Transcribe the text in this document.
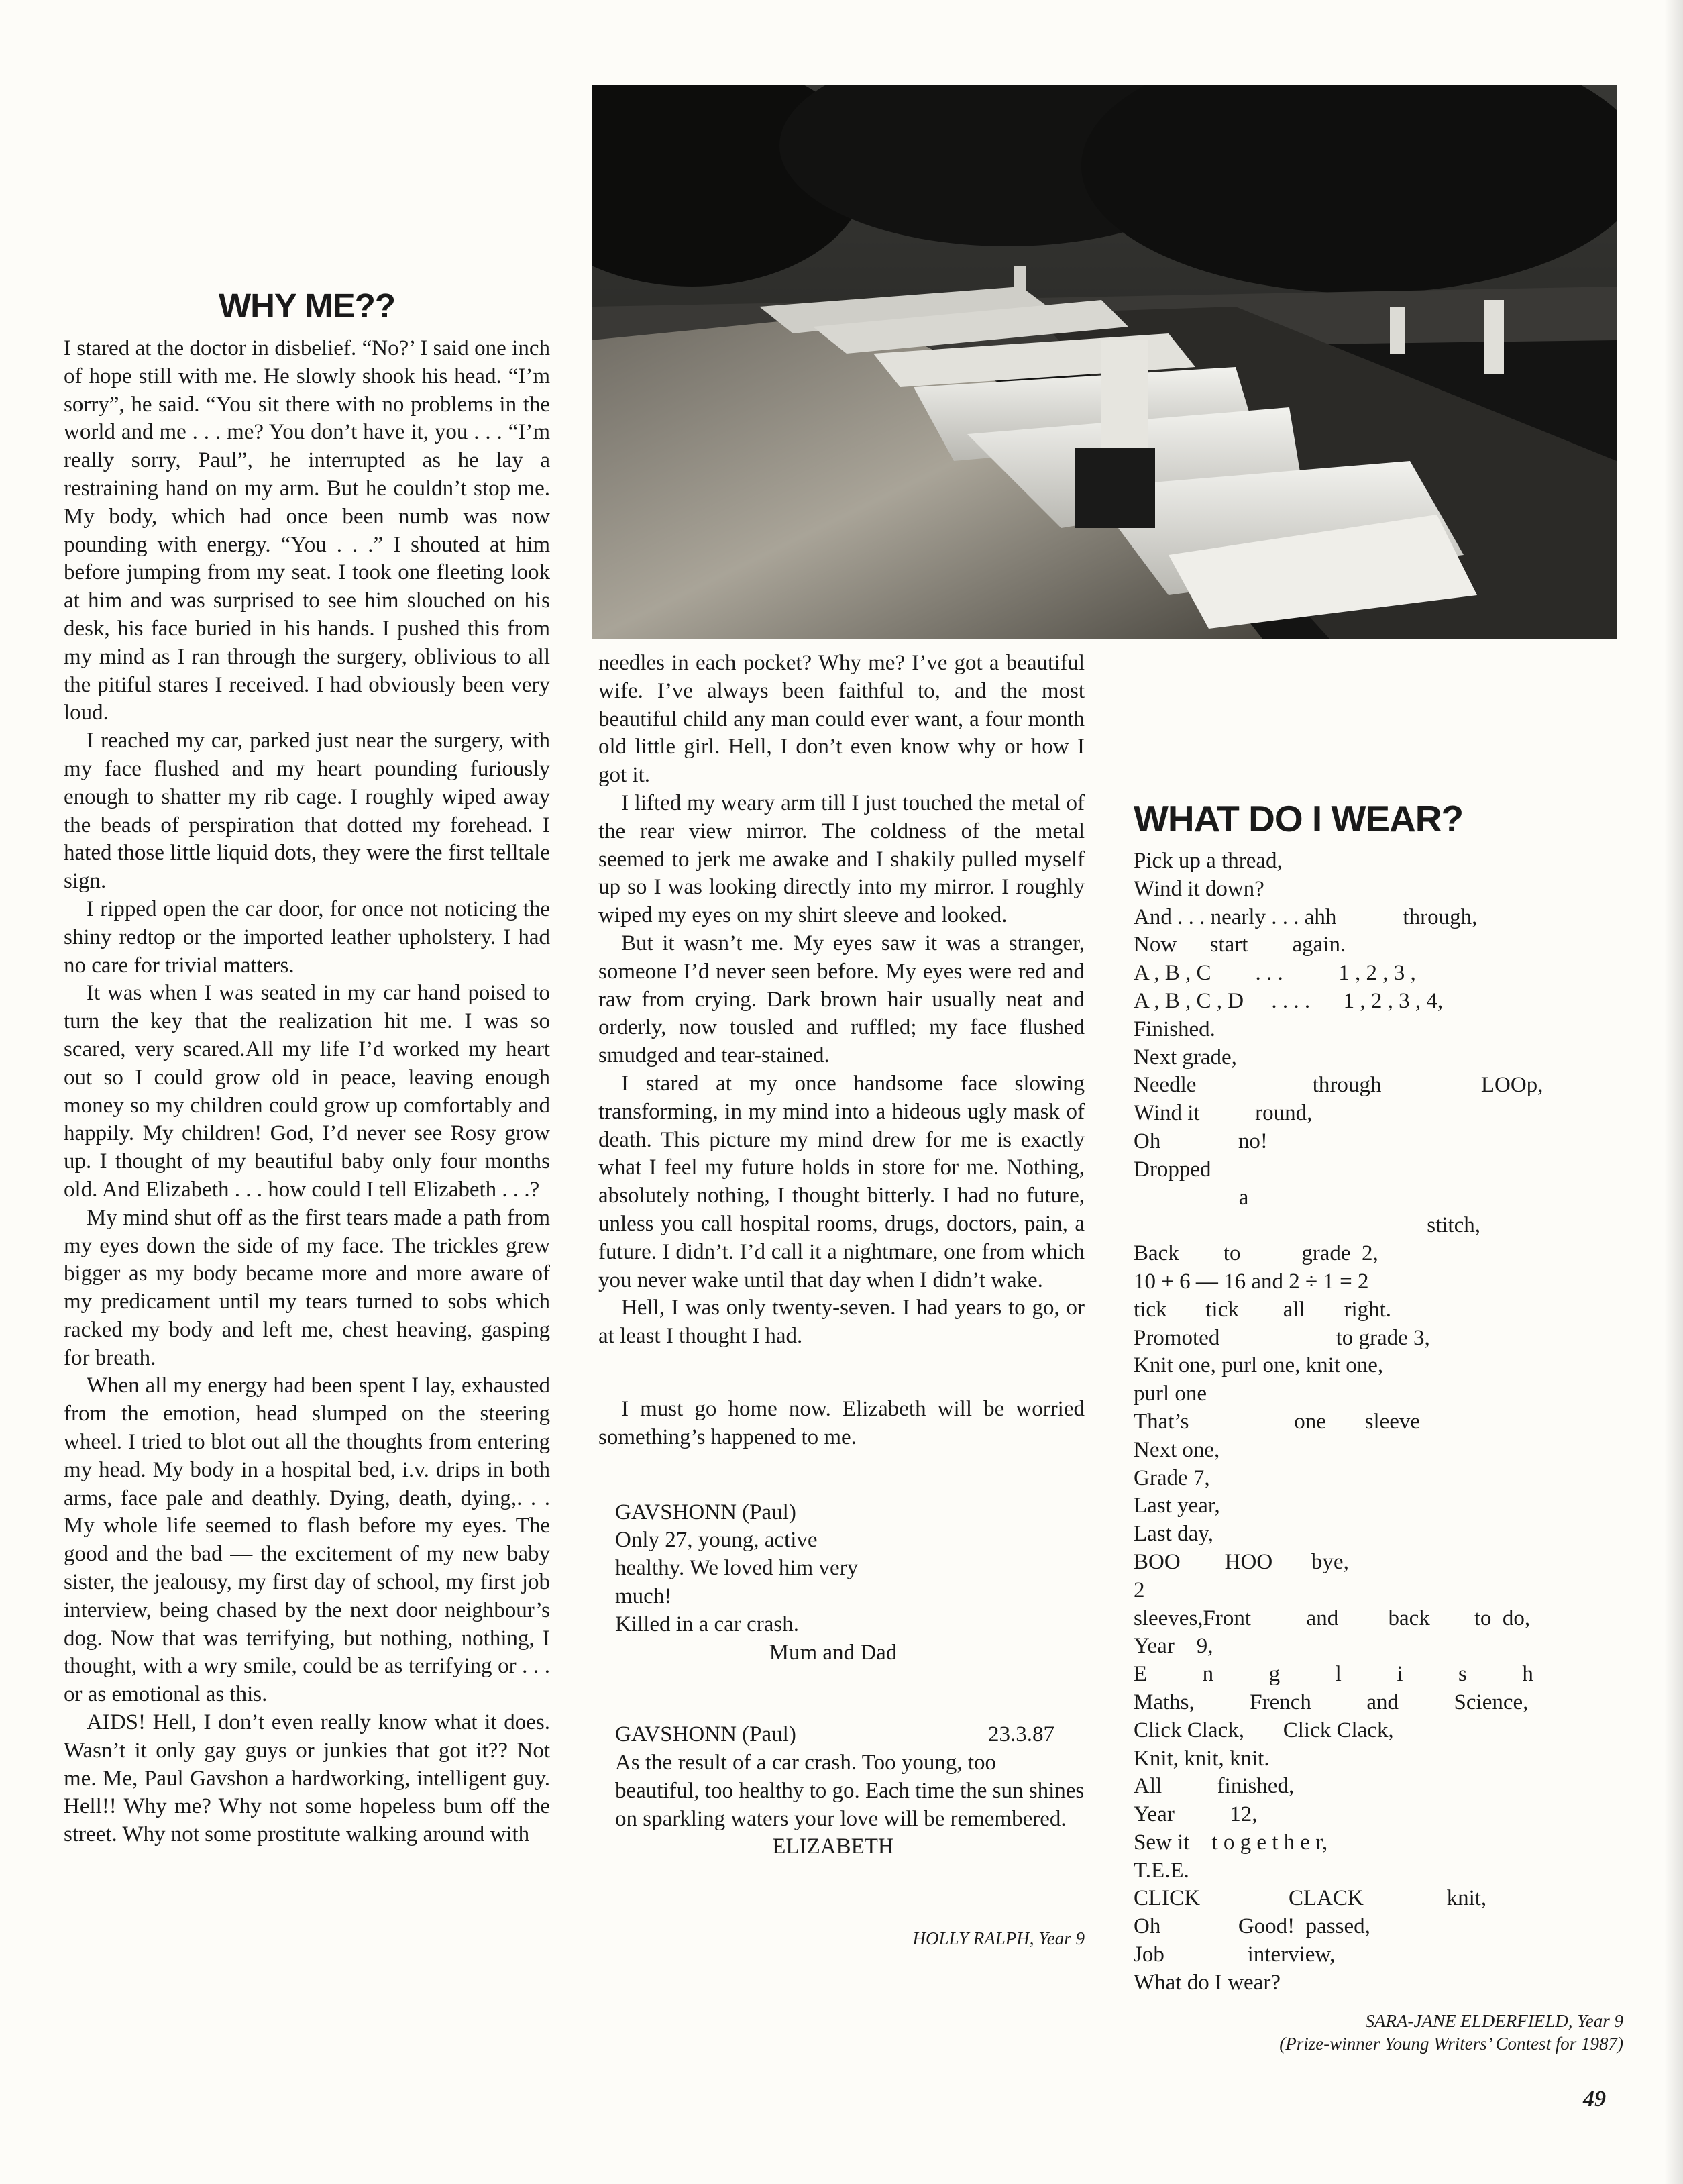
WHY ME??

I stared at the doctor in disbelief. “No?’ I said one inch of hope still with me. He slowly shook his head. “I’m sorry”, he said. “You sit there with no problems in the world and me . . . me? You don’t have it, you . . . “I’m really sorry, Paul”, he interrupted as he lay a restraining hand on my arm. But he couldn’t stop me. My body, which had once been numb was now pounding with energy. “You . . .” I shouted at him before jumping from my seat. I took one fleeting look at him and was surprised to see him slouched on his desk, his face buried in his hands. I pushed this from my mind as I ran through the surgery, oblivious to all the pitiful stares I received. I had obviously been very loud.

I reached my car, parked just near the surgery, with my face flushed and my heart pounding furiously enough to shatter my rib cage. I roughly wiped away the beads of perspiration that dotted my forehead. I hated those little liquid dots, they were the first telltale sign.

I ripped open the car door, for once not noticing the shiny redtop or the imported leather upholstery. I had no care for trivial matters.

It was when I was seated in my car hand poised to turn the key that the realization hit me. I was so scared, very scared.All my life I’d worked my heart out so I could grow old in peace, leaving enough money so my children could grow up comfortably and happily. My children! God, I’d never see Rosy grow up. I thought of my beautiful baby only four months old. And Elizabeth . . . how could I tell Elizabeth . . .?

My mind shut off as the first tears made a path from my eyes down the side of my face. The trickles grew bigger as my body became more and more aware of my predicament until my tears turned to sobs which racked my body and left me, chest heaving, gasping for breath.

When all my energy had been spent I lay, exhausted from the emotion, head slumped on the steering wheel. I tried to blot out all the thoughts from entering my head. My body in a hospital bed, i.v. drips in both arms, face pale and deathly. Dying, death, dying,. . . My whole life seemed to flash before my eyes. The good and the bad — the excitement of my new baby sister, the jealousy, my first day of school, my first job interview, being chased by the next door neighbour’s dog. Now that was terrifying, but nothing, nothing, I thought, with a wry smile, could be as terrifying or . . . or as emotional as this.

AIDS! Hell, I don’t even really know what it does. Wasn’t it only gay guys or junkies that got it?? Not me. Me, Paul Gavshon a hardworking, intelligent guy. Hell!! Why me? Why not some hopeless bum off the street. Why not some prostitute walking around with

needles in each pocket? Why me? I’ve got a beautiful wife. I’ve always been faithful to, and the most beautiful child any man could ever want, a four month old little girl. Hell, I don’t even know why or how I got it.

I lifted my weary arm till I just touched the metal of the rear view mirror. The coldness of the metal seemed to jerk me awake and I shakily pulled myself up so I was looking directly into my mirror. I roughly wiped my eyes on my shirt sleeve and looked.

But it wasn’t me. My eyes saw it was a stranger, someone I’d never seen before. My eyes were red and raw from crying. Dark brown hair usually neat and orderly, now tousled and ruffled; my face flushed smudged and tear-stained.

I stared at my once handsome face slowing transforming, in my mind into a hideous ugly mask of death. This picture my mind drew for me is exactly what I feel my future holds in store for me. Nothing, absolutely nothing, I thought bitterly. I had no future, unless you call hospital rooms, drugs, doctors, pain, a future. I didn’t. I’d call it a nightmare, one from which you never wake until that day when I didn’t wake.

Hell, I was only twenty-seven. I had years to go, or at least I thought I had.

I must go home now. Elizabeth will be worried something’s happened to me.

GAVSHONN (Paul)
Only 27, young, active
healthy. We loved him very
much!
Killed in a car crash.
Mum and Dad
GAVSHONN (Paul)	23.3.87
As the result of a car crash. Too young, too beautiful, too healthy to go. Each time the sun shines on sparkling waters your love will be remembered.
ELIZABETH
HOLLY RALPH, Year 9
WHAT DO I WEAR?
Pick up a thread,
Wind it down?
And . . . nearly . . . ahh            through,
Now      start        again.
A , B , C        . . .          1 , 2 , 3 ,
A , B , C , D     . . . .      1 , 2 , 3 , 4,
Finished.
Next grade,
Needle                     through                  LOOp,
Wind it          round,
Oh              no!
Dropped
a
stitch,
Back        to           grade  2,
10 + 6 — 16 and 2 ÷ 1 = 2
tick       tick        all       right.
Promoted                     to grade 3,
Knit one, purl one, knit one,
purl one
That’s                   one       sleeve
Next one,
Grade 7,
Last year,
Last day,
BOO        HOO       bye,
2
sleeves,Front          and         back        to  do,
Year    9,
E          n          g          l          i          s          h
Maths,          French          and          Science,
Click Clack,       Click Clack,
Knit, knit, knit.
All          finished,
Year          12,
Sew it    t o g e t h e r,
T.E.E.
CLICK                CLACK               knit,
Oh              Good!  passed,
Job               interview,
What do I wear?
SARA-JANE ELDERFIELD, Year 9
(Prize-winner Young Writers’ Contest for 1987)
49
